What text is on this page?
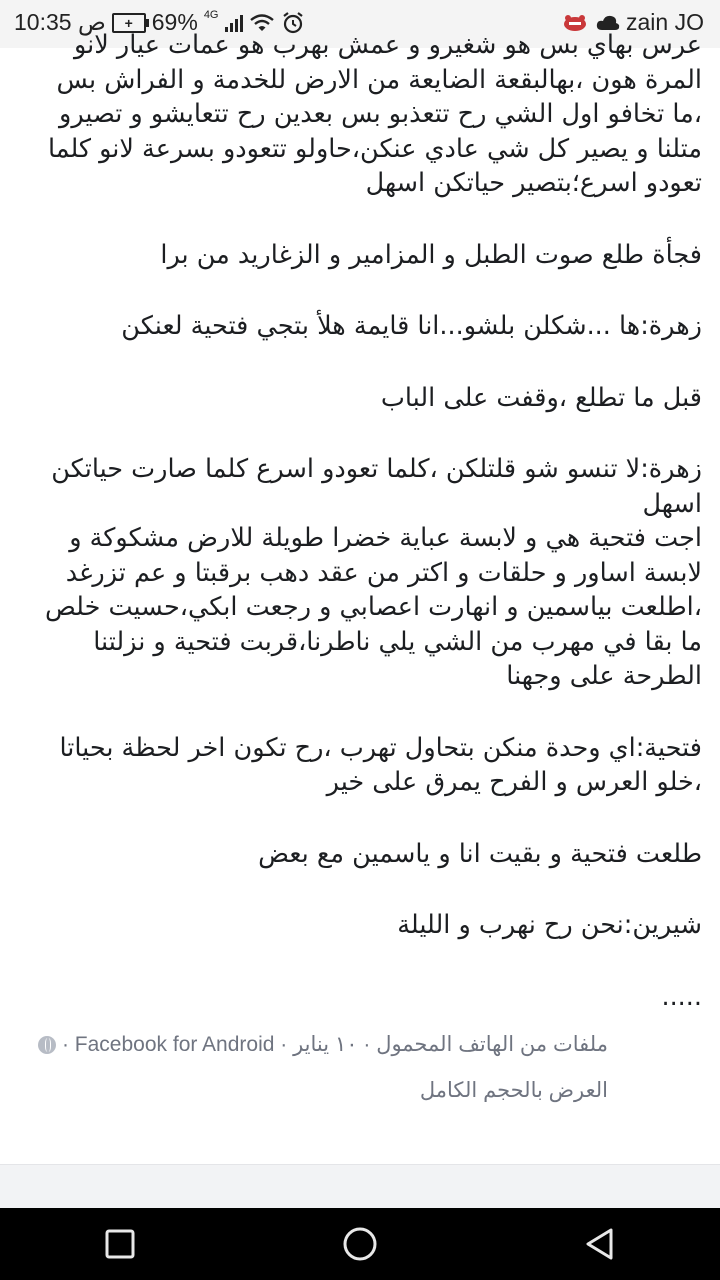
10:35 ص	+ 69% 4G	zain JO

عرس بهاي بس هو شغيرو و عمش بهرب هو عمات عيار لانو المرة هون ،بهالبقعة الضايعة من الارض للخدمة و الفراش بس ،ما تخافو اول الشي رح تتعذبو بس بعدين رح تتعايشو و تصيرو متلنا و يصير كل شي عادي عنكن،حاولو تتعودو بسرعة لانو كلما تعودو اسرع؛بتصير حياتكن اسهل

فجأة طلع صوت الطبل و المزامير و الزغاريد من برا

زهرة:ها ...شكلن بلشو...انا قايمة هلأ بتجي فتحية لعنكن

قبل ما تطلع ،وقفت على الباب

زهرة:لا تنسو شو قلتلكن ،كلما تعودو اسرع كلما صارت حياتكن اسهل

اجت فتحية هي و لابسة عباية خضرا طويلة للارض مشكوكة و لابسة اساور و حلقات و اكتر من عقد دهب برقبتا و عم تزرغد ،اطلعت بياسمين و انهارت اعصابي و رجعت ابكي،حسيت خلص ما بقا في مهرب من الشي يلي ناطرنا،قربت فتحية و نزلتنا الطرحة على وجهنا

فتحية:اي وحدة منكن بتحاول تهرب ،رح تكون اخر لحظة بحياتا ،خلو العرس و الفرح يمرق على خير

طلعت فتحية و بقيت انا و ياسمين مع بعض

شيرين:نحن رح نهرب و الليلة

.....

ملفات من الهاتف المحمول · ١٠ يناير · Facebook for Android ·
العرض بالحجم الكامل
